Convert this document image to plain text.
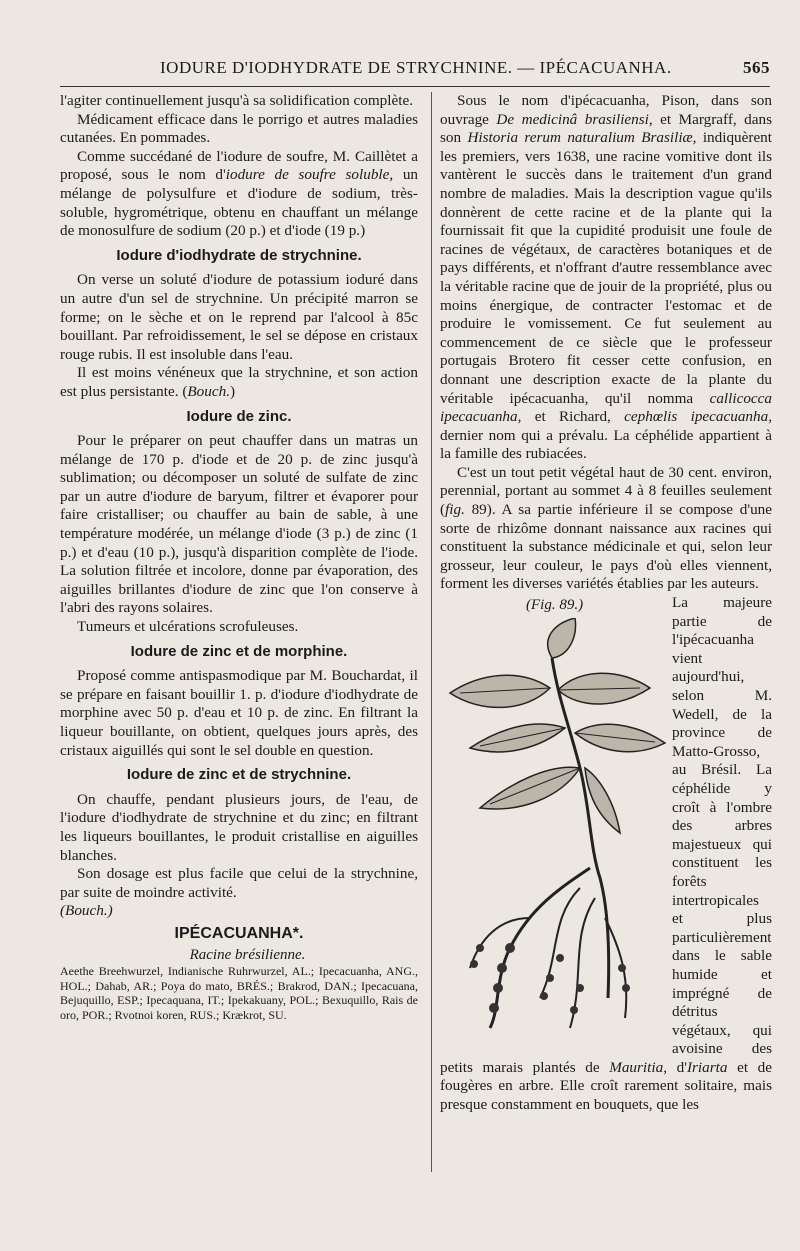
IODURE D'IODHYDRATE DE STRYCHNINE. — IPÉCACUANHA.	565

l'agiter continuellement jusqu'à sa solidification complète.

Médicament efficace dans le porrigo et autres maladies cutanées. En pommades.

Comme succédané de l'iodure de soufre, M. Caillètet a proposé, sous le nom d'iodure de soufre soluble, un mélange de polysulfure et d'iodure de sodium, très-soluble, hygrométrique, obtenu en chauffant un mélange de monosulfure de sodium (20 p.) et d'iode (19 p.)

Iodure d'iodhydrate de strychnine.

On verse un soluté d'iodure de potassium ioduré dans un autre d'un sel de strychnine. Un précipité marron se forme; on le sèche et on le reprend par l'alcool à 85c bouillant. Par refroidissement, le sel se dépose en cristaux rouge rubis. Il est insoluble dans l'eau.

Il est moins vénéneux que la strychnine, et son action est plus persistante. (Bouch.)

Iodure de zinc.

Pour le préparer on peut chauffer dans un matras un mélange de 170 p. d'iode et de 20 p. de zinc jusqu'à sublimation; ou décomposer un soluté de sulfate de zinc par un autre d'iodure de baryum, filtrer et évaporer pour faire cristalliser; ou chauffer au bain de sable, à une température modérée, un mélange d'iode (3 p.) de zinc (1 p.) et d'eau (10 p.), jusqu'à disparition complète de l'iode. La solution filtrée et incolore, donne par évaporation, des aiguilles brillantes d'iodure de zinc que l'on conserve à l'abri des rayons solaires.

Tumeurs et ulcérations scrofuleuses.

Iodure de zinc et de morphine.

Proposé comme antispasmodique par M. Bouchardat, il se prépare en faisant bouillir 1. p. d'iodure d'iodhydrate de morphine avec 50 p. d'eau et 10 p. de zinc. En filtrant la liqueur bouillante, on obtient, quelques jours après, des cristaux aiguillés qui sont le sel double en question.

Iodure de zinc et de strychnine.

On chauffe, pendant plusieurs jours, de l'eau, de l'iodure d'iodhydrate de strychnine et du zinc; en filtrant les liqueurs bouillantes, le produit cristallise en aiguilles blanches.

Son dosage est plus facile que celui de la strychnine, par suite de moindre activité.

(Bouch.)

IPÉCACUANHA*.

Racine brésilienne.

Aeethe Breehwurzel, Indianische Ruhrwurzel, AL.; Ipecacuanha, ANG., HOL.; Dahab, AR.; Poya do mato, BRÉS.; Brakrod, DAN.; Ipecacuana, Bejuquillo, ESP.; Ipecaquana, IT.; Ipekakuany, POL.; Bexuquillo, Rais de oro, POR.; Rvotnoi koren, RUS.; Krækrot, SU.

Sous le nom d'ipécacuanha, Pison, dans son ouvrage De medicinâ brasiliensi, et Margraff, dans son Historia rerum naturalium Brasiliæ, indiquèrent les premiers, vers 1638, une racine vomitive dont ils vantèrent le succès dans le traitement d'un grand nombre de maladies. Mais la description vague qu'ils donnèrent de cette racine et de la plante qui la fournissait fit que la cupidité produisit une foule de racines de végétaux, de caractères botaniques et de pays différents, et n'offrant d'autre ressemblance avec la véritable racine que de jouir de la propriété, plus ou moins énergique, de contracter l'estomac et de produire le vomissement. Ce fut seulement au commencement de ce siècle que le professeur portugais Brotero fit cesser cette confusion, en donnant une description exacte de la plante du véritable ipécacuanha, qu'il nomma callicocca ipecacuanha, et Richard, cephœlis ipecacuanha, dernier nom qui a prévalu. La céphélide appartient à la famille des rubiacées.

C'est un tout petit végétal haut de 30 cent. environ, perennial, portant au sommet 4 à 8 feuilles seulement (fig. 89). A sa partie inférieure il se compose d'une sorte de rhizôme donnant naissance aux racines qui constituent la substance médicinale et qui, selon leur grosseur, leur couleur, le pays d'où elles viennent, forment les diverses variétés établies par les auteurs.

(Fig. 89.)	La majeure partie de l'ipécacuanha vient aujourd'hui, selon M. Wedell, de la province de Matto-Grosso, au Brésil. La céphélide y croît à l'ombre des arbres majestueux qui constituent les forêts intertropicales et plus particulièrement dans le sable humide et imprégné de détritus végétaux, qui avoisine des petits marais plantés de Mauritia, d'Iriarta et de fougères en arbre. Elle croît rarement solitaire, mais presque constamment en bouquets, que les
